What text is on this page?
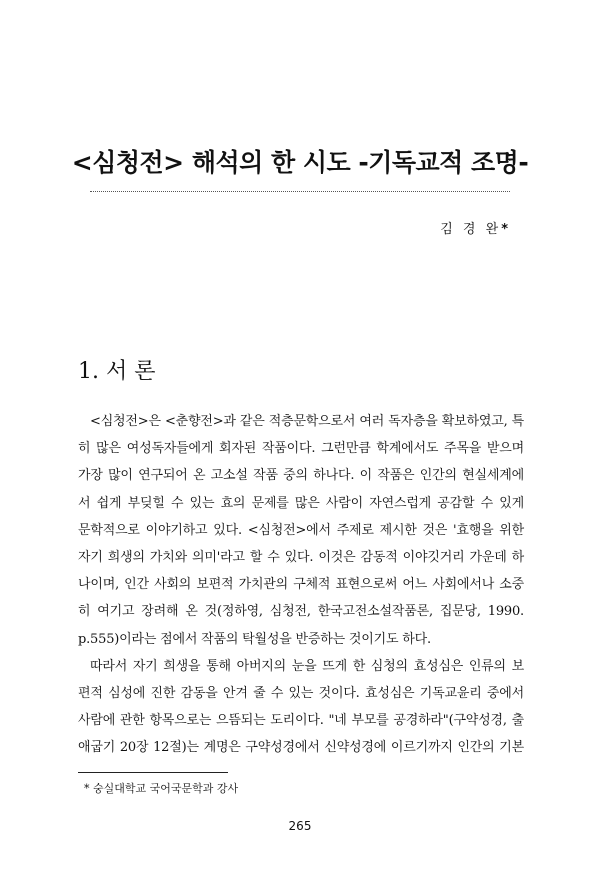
<심청전> 해석의 한 시도 -기독교적 조명-
김 경 완*
1. 서 론
<심청전>은 <춘향전>과 같은 적층문학으로서 여러 독자층을 확보하였고, 특
히 많은 여성독자들에게 회자된 작품이다. 그런만큼 학계에서도 주목을 받으며
가장 많이 연구되어 온 고소설 작품 중의 하나다. 이 작품은 인간의 현실세계에
서 쉽게 부딪힐 수 있는 효의 문제를 많은 사람이 자연스럽게 공감할 수 있게
문학적으로 이야기하고 있다. <심청전>에서 주제로 제시한 것은 '효행을 위한
자기 희생의 가치와 의미'라고 할 수 있다. 이것은 감동적 이야깃거리 가운데 하
나이며, 인간 사회의 보편적 가치관의 구체적 표현으로써 어느 사회에서나 소중
히 여기고 장려해 온 것(정하영, 심청전, 한국고전소설작품론, 집문당, 1990.
p.555)이라는 점에서 작품의 탁월성을 반증하는 것이기도 하다.
따라서 자기 희생을 통해 아버지의 눈을 뜨게 한 심청의 효성심은 인류의 보
편적 심성에 진한 감동을 안겨 줄 수 있는 것이다. 효성심은 기독교윤리 중에서
사람에 관한 항목으로는 으뜸되는 도리이다. "네 부모를 공경하라"(구약성경, 출
애굽기 20장 12절)는 계명은 구약성경에서 신약성경에 이르기까지 인간의 기본
* 숭실대학교 국어국문학과 강사
265
